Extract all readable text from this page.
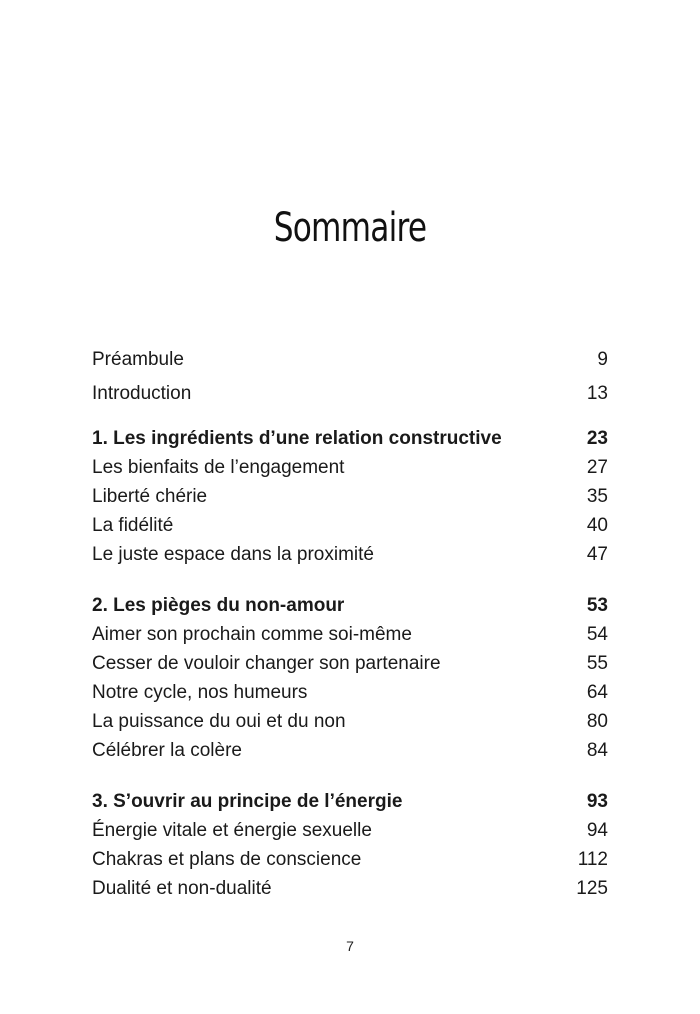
Sommaire
Préambule	9
Introduction	13
1. Les ingrédients d’une relation constructive	23
Les bienfaits de l’engagement	27
Liberté chérie	35
La fidélité	40
Le juste espace dans la proximité	47
2. Les pièges du non-amour	53
Aimer son prochain comme soi-même	54
Cesser de vouloir changer son partenaire	55
Notre cycle, nos humeurs	64
La puissance du oui et du non	80
Célébrer la colère	84
3. S’ouvrir au principe de l’énergie	93
Énergie vitale et énergie sexuelle	94
Chakras et plans de conscience	112
Dualité et non-dualité	125
7
